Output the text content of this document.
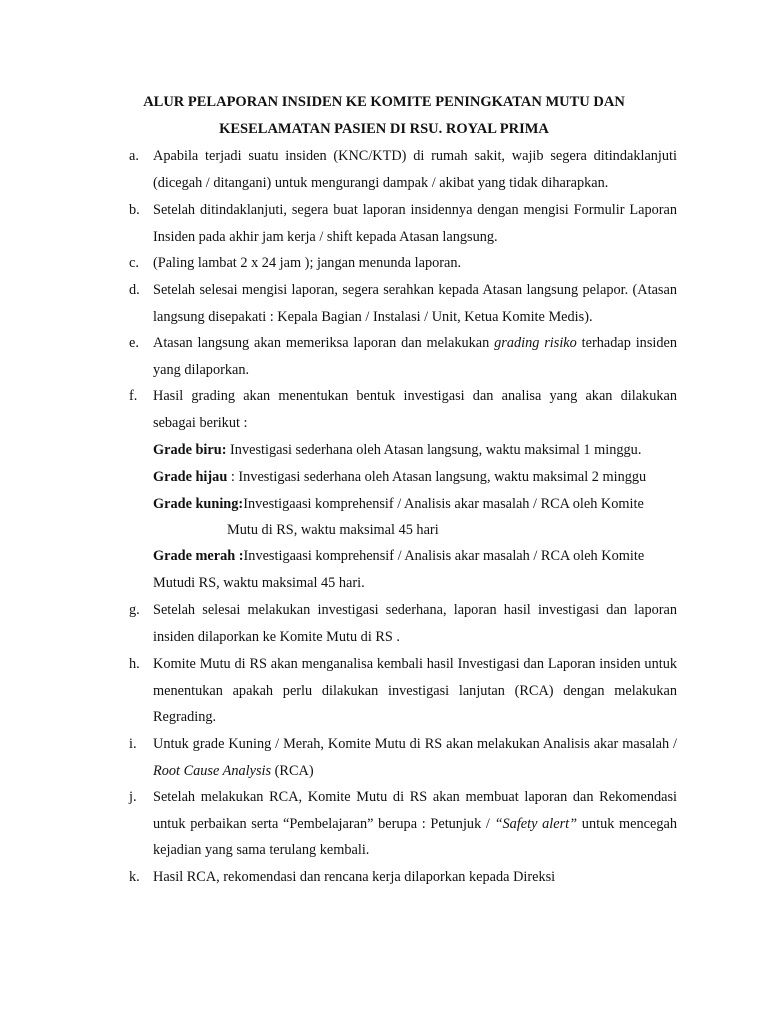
ALUR PELAPORAN INSIDEN KE KOMITE PENINGKATAN MUTU DAN
KESELAMATAN PASIEN DI RSU. ROYAL PRIMA
a. Apabila terjadi suatu insiden (KNC/KTD) di rumah sakit, wajib segera ditindaklanjuti (dicegah / ditangani) untuk mengurangi dampak / akibat yang tidak diharapkan.
b. Setelah ditindaklanjuti, segera buat laporan insidennya dengan mengisi Formulir Laporan Insiden pada akhir jam kerja / shift kepada Atasan langsung.
c. (Paling lambat 2 x 24 jam ); jangan menunda laporan.
d. Setelah selesai mengisi laporan, segera serahkan kepada Atasan langsung pelapor. (Atasan langsung disepakati : Kepala Bagian / Instalasi / Unit, Ketua Komite Medis).
e. Atasan langsung akan memeriksa laporan dan melakukan grading risiko terhadap insiden yang dilaporkan.
f. Hasil grading akan menentukan bentuk investigasi dan analisa yang akan dilakukan sebagai berikut :
Grade biru: Investigasi sederhana oleh Atasan langsung, waktu maksimal 1 minggu.
Grade hijau : Investigasi sederhana oleh Atasan langsung, waktu maksimal 2 minggu
Grade kuning:Investigaasi komprehensif / Analisis akar masalah / RCA oleh Komite
Mutu di RS, waktu maksimal 45 hari
Grade merah :Investigaasi komprehensif / Analisis akar masalah / RCA oleh Komite
Mutudi RS, waktu maksimal 45 hari.
g. Setelah selesai melakukan investigasi sederhana, laporan hasil investigasi dan laporan insiden dilaporkan ke Komite Mutu di RS .
h. Komite Mutu di RS akan menganalisa kembali hasil Investigasi dan Laporan insiden untuk menentukan apakah perlu dilakukan investigasi lanjutan (RCA) dengan melakukan Regrading.
i. Untuk grade Kuning / Merah, Komite Mutu di RS akan melakukan Analisis akar masalah / Root Cause Analysis (RCA)
j. Setelah melakukan RCA, Komite Mutu di RS akan membuat laporan dan Rekomendasi untuk perbaikan serta “Pembelajaran” berupa : Petunjuk / “Safety alert” untuk mencegah kejadian yang sama terulang kembali.
k. Hasil RCA, rekomendasi dan rencana kerja dilaporkan kepada Direksi
